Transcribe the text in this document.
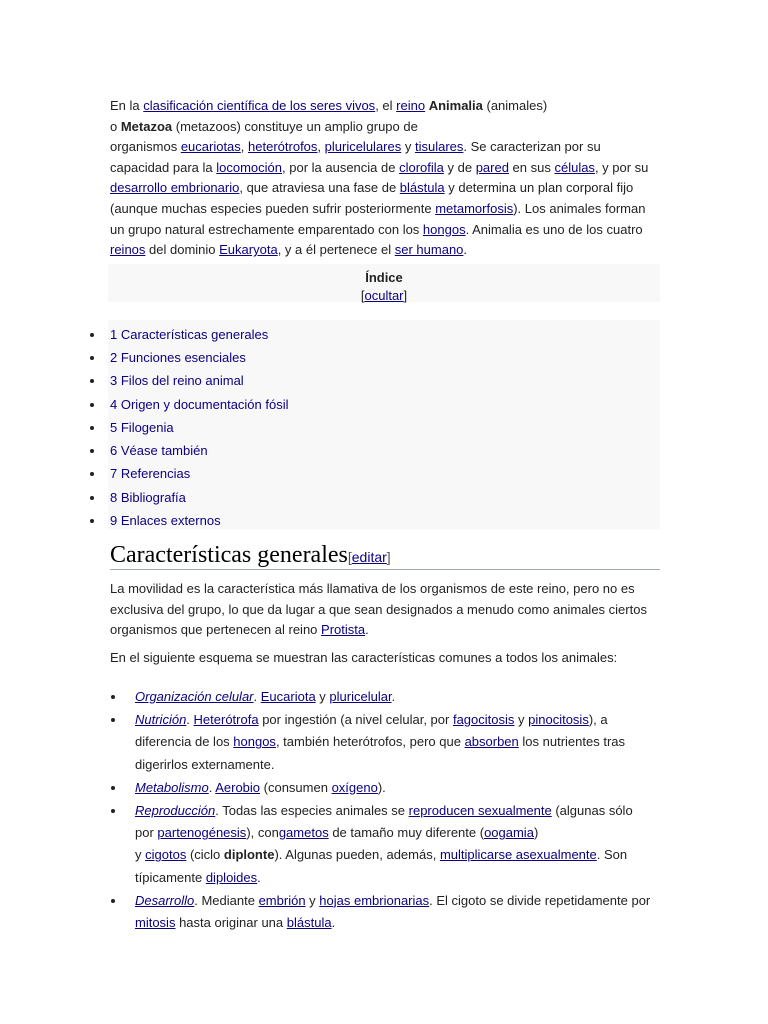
En la clasificación científica de los seres vivos, el reino Animalia (animales)
o Metazoa (metazoos) constituye un amplio grupo de
organismos eucariotas, heterótrofos, pluricelulares y tisulares. Se caracterizan por su capacidad para la locomoción, por la ausencia de clorofila y de pared en sus células, y por su desarrollo embrionario, que atraviesa una fase de blástula y determina un plan corporal fijo (aunque muchas especies pueden sufrir posteriormente metamorfosis). Los animales forman un grupo natural estrechamente emparentado con los hongos. Animalia es uno de los cuatro reinos del dominio Eukaryota, y a él pertenece el ser humano.

Índice
[ocultar]
1 Características generales
2 Funciones esenciales
3 Filos del reino animal
4 Origen y documentación fósil
5 Filogenia
6 Véase también
7 Referencias
8 Bibliografía
9 Enlaces externos
Características generales[editar]

La movilidad es la característica más llamativa de los organismos de este reino, pero no es exclusiva del grupo, lo que da lugar a que sean designados a menudo como animales ciertos organismos que pertenecen al reino Protista.

En el siguiente esquema se muestran las características comunes a todos los animales:

Organización celular. Eucariota y pluricelular.
Nutrición. Heterótrofa por ingestión (a nivel celular, por fagocitosis y pinocitosis), a diferencia de los hongos, también heterótrofos, pero que absorben los nutrientes tras digerirlos externamente.
Metabolismo. Aerobio (consumen oxígeno).
Reproducción. Todas las especies animales se reproducen sexualmente (algunas sólo por partenogénesis), congametos de tamaño muy diferente (oogamia)
y cigotos (ciclo diplonte). Algunas pueden, además, multiplicarse asexualmente. Son típicamente diploides.
Desarrollo. Mediante embrión y hojas embrionarias. El cigoto se divide repetidamente por mitosis hasta originar una blástula.
